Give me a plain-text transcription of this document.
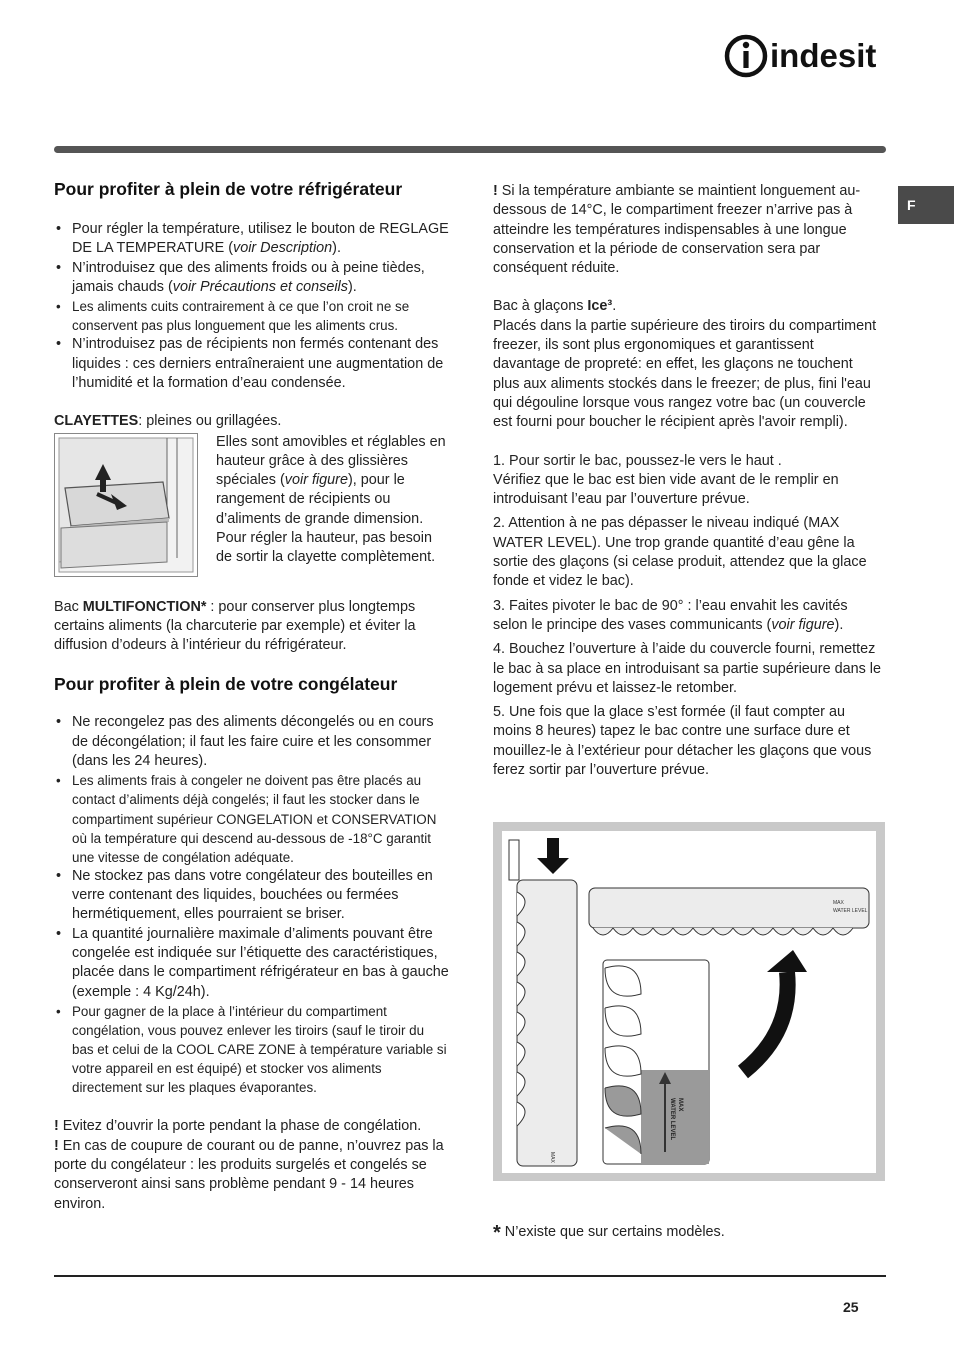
indesit
F
Pour profiter à plein de votre réfrigérateur
• Pour régler la température, utilisez le bouton de REGLAGE DE LA TEMPERATURE (voir Description).
• N’introduisez que des aliments froids ou à peine tièdes, jamais chauds (voir Précautions et conseils).
• Les aliments cuits contrairement à ce que l’on croit ne se conservent pas plus longuement que les aliments crus.
• N’introduisez pas de récipients non fermés contenant des liquides : ces derniers entraîneraient une augmentation de l’humidité et la formation d’eau condensée.

CLAYETTES: pleines ou grillagées.

Elles sont amovibles et réglables en hauteur grâce à des glissières spéciales (voir figure), pour le rangement de récipients ou d’aliments de grande dimension. Pour régler la hauteur, pas besoin de sortir la clayette complètement.

Bac MULTIFONCTION* : pour conserver plus longtemps certains aliments (la charcuterie par exemple) et éviter la diffusion d’odeurs à l’intérieur du réfrigérateur.

Pour profiter à plein de votre congélateur
• Ne recongelez pas des aliments décongelés ou en cours de décongélation; il faut les faire cuire et les consommer (dans les 24 heures).
• Les aliments frais à congeler ne doivent pas être placés au contact d’aliments déjà congelés; il faut les stocker dans le compartiment supérieur CONGELATION et CONSERVATION où la température qui descend au-dessous de -18°C garantit une vitesse de congélation adéquate.
• Ne stockez pas dans votre congélateur des bouteilles en verre contenant des liquides, bouchées ou fermées hermétiquement, elles pourraient se briser.
• La quantité journalière maximale d’aliments pouvant être congelée est indiquée sur l’étiquette des caractéristiques, placée dans le compartiment réfrigérateur en bas à gauche (exemple : 4 Kg/24h).
• Pour gagner de la place à l’intérieur du compartiment congélation, vous pouvez enlever les tiroirs (sauf le tiroir du bas et celui de la COOL CARE ZONE à température variable si votre appareil en est équipé) et stocker vos aliments directement sur les plaques évaporantes.

! Evitez d’ouvrir la porte pendant la phase de congélation.

! En cas de coupure de courant ou de panne, n’ouvrez pas la porte du congélateur : les produits surgelés et congelés se conserveront ainsi sans problème pendant 9 - 14 heures environ.

! Si la température ambiante se maintient longuement au-dessous de 14°C, le compartiment freezer n’arrive pas à atteindre les températures indispensables à une longue conservation et la période de conservation sera par conséquent réduite.

Bac à glaçons Ice³.

Placés dans la partie supérieure des tiroirs du compartiment freezer, ils sont plus ergonomiques et garantissent davantage de propreté: en effet, les glaçons ne touchent plus aux aliments stockés dans le freezer; de plus, fini l'eau qui dégouline lorsque vous rangez votre bac (un couvercle est fourni pour boucher le récipient après l'avoir rempli).

1. Pour sortir le bac, poussez-le vers le haut .

Vérifiez que le bac est bien vide avant de le remplir en introduisant l’eau par l’ouverture prévue.

2. Attention à ne pas dépasser le niveau indiqué (MAX WATER LEVEL). Une trop grande quantité d’eau gêne la sortie des glaçons (si celase produit, attendez que la glace fonde et videz le bac).

3. Faites pivoter le bac de 90° : l’eau envahit les cavités selon le principe des vases communicants (voir figure).

4. Bouchez l’ouverture à l’aide du couvercle fourni, remettez le bac à sa place en introduisant sa partie supérieure dans le logement prévu et laissez-le retomber.

5. Une fois que la glace s’est formée (il faut compter au moins 8 heures) tapez le bac contre une surface dure et mouillez-le à l’extérieur pour détacher les glaçons que vous ferez sortir par l’ouverture prévue.

MAX
MAX
WATER LEVEL
MAX
WATER LEVEL
* N’existe que sur certains modèles.
25
